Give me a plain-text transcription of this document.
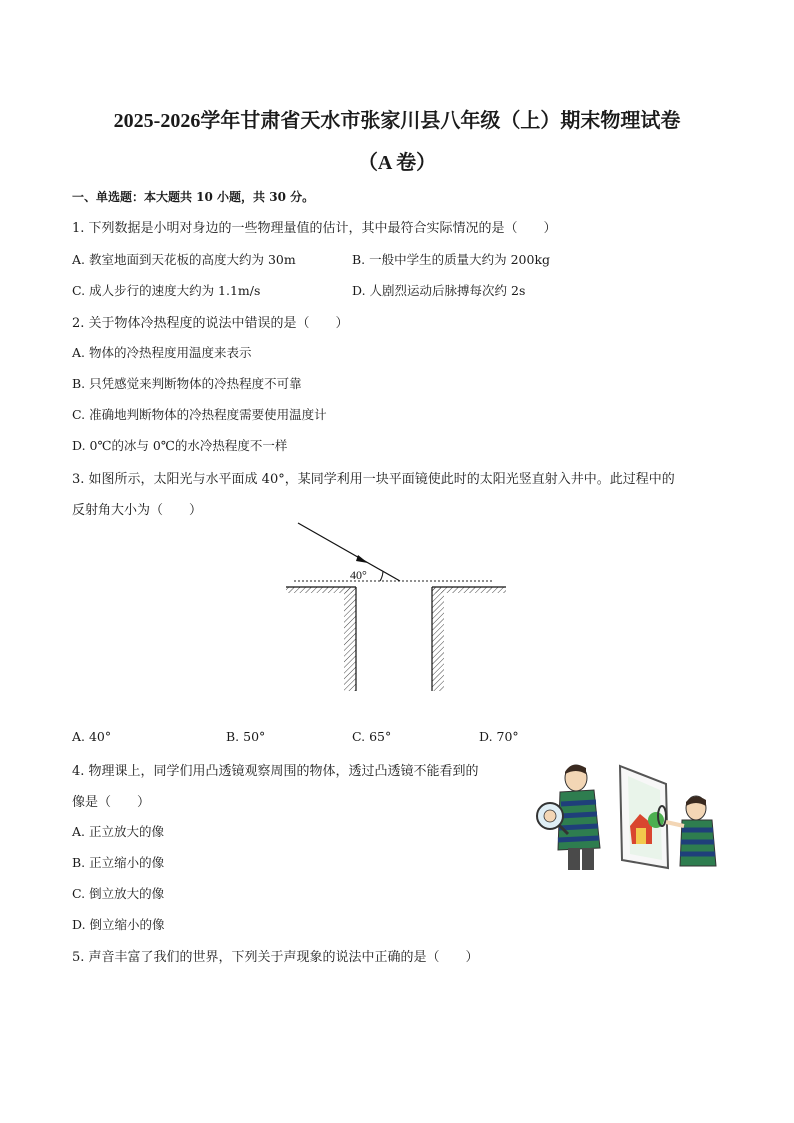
2025-2026学年甘肃省天水市张家川县八年级（上）期末物理试卷
（A 卷）
一、单选题：本大题共 10 小题，共 30 分。
1. 下列数据是小明对身边的一些物理量值的估计，其中最符合实际情况的是（　　）
A. 教室地面到天花板的高度大约为 30m	B. 一般中学生的质量大约为 200kg
C. 成人步行的速度大约为 1.1m/s	D. 人剧烈运动后脉搏每次约 2s
2. 关于物体冷热程度的说法中错误的是（　　）
A. 物体的冷热程度用温度来表示
B. 只凭感觉来判断物体的冷热程度不可靠
C. 准确地判断物体的冷热程度需要使用温度计
D. 0℃的冰与 0℃的水冷热程度不一样
3. 如图所示，太阳光与水平面成 40°，某同学利用一块平面镜使此时的太阳光竖直射入井中。此过程中的
反射角大小为（　　）
40°
A. 40°	B. 50°	C. 65°	D. 70°
4. 物理课上，同学们用凸透镜观察周围的物体，透过凸透镜不能看到的
像是（　　）
A. 正立放大的像
B. 正立缩小的像
C. 倒立放大的像
D. 倒立缩小的像
5. 声音丰富了我们的世界，下列关于声现象的说法中正确的是（　　）
